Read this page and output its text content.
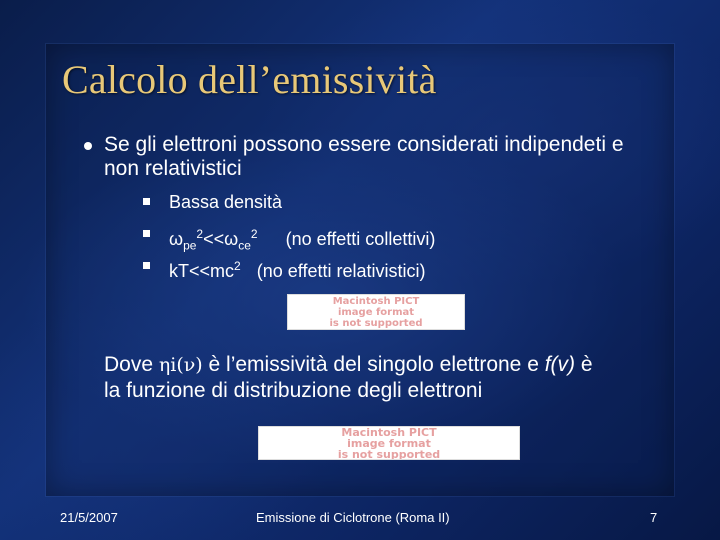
Calcolo dell’emissività
Se gli elettroni possono essere considerati indipendeti e non relativistici
Bassa densità
$\omega_{pe}^2<<\omega_{ce}^2$ (no effetti collettivi)
$kT<<mc^2$ (no effetti relativistici)
Macintosh PICT
image format
is not supported
Dove ηi(ν) è l’emissività del singolo elettrone e f(v) è
la funzione di distribuzione degli elettroni
Macintosh PICT
image format
is not supported
21/5/2007	Emissione di Ciclotrone (Roma II)	7
